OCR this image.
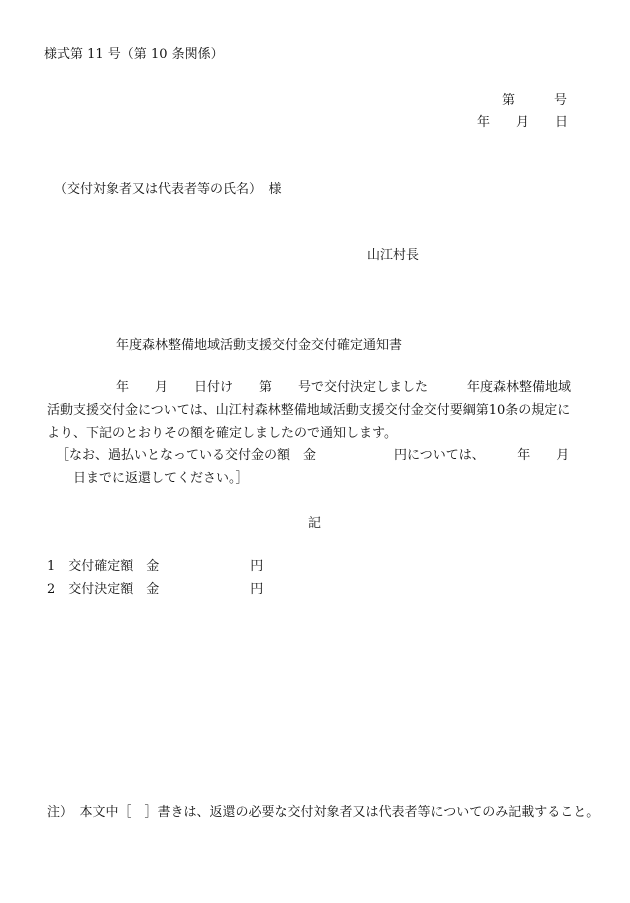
様式第 11 号（第 10 条関係）
第　　　号
年　　月　　日
（交付対象者又は代表者等の氏名）　様
山江村長
年度森林整備地域活動支援交付金交付確定通知書
年　　月　　日付け　　第　　号で交付決定しました　　　年度森林整備地域
活動支援交付金については、山江村森林整備地域活動支援交付金交付要綱第10条の規定に
より、下記のとおりその額を確定しましたので通知します。
［なお、過払いとなっている交付金の額　金　　　　　　円については、　　　年　　月
日までに返還してください。］
記
1　交付確定額　金　　　　　　　円
2　交付決定額　金　　　　　　　円
注）　本文中［　］書きは、返還の必要な交付対象者又は代表者等についてのみ記載すること。
